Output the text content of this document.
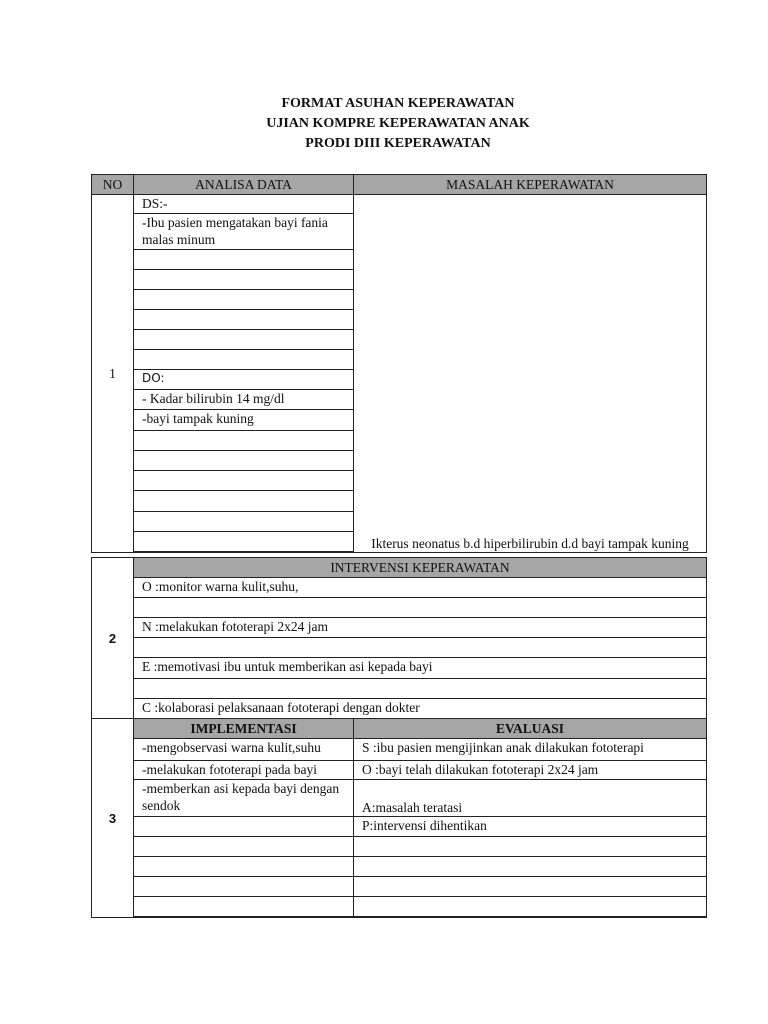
FORMAT ASUHAN KEPERAWATAN
UJIAN KOMPRE KEPERAWATAN ANAK
PRODI DIII KEPERAWATAN
NO	ANALISA DATA	MASALAH KEPERAWATAN
1	DS:-	Ikterus neonatus b.d hiperbilirubin d.d bayi tampak kuning
	-Ibu pasien mengatakan bayi fania malas minum	

	DO:	
	- Kadar bilirubin 14 mg/dl	
	-bayi tampak kuning	

2	INTERVENSI KEPERAWATAN
O :monitor warna kulit,suhu,

N :melakukan fototerapi 2x24 jam

E :memotivasi ibu untuk memberikan asi kepada bayi

C :kolaborasi pelaksanaan fototerapi dengan dokter
3	IMPLEMENTASI	EVALUASI
	-mengobservasi warna kulit,suhu	S :ibu pasien mengijinkan anak dilakukan fototerapi
	-melakukan fototerapi pada bayi	O :bayi telah dilakukan fototerapi 2x24 jam
	-memberkan asi kepada bayi dengan sendok	A:masalah teratasi
		P:intervensi dihentikan
